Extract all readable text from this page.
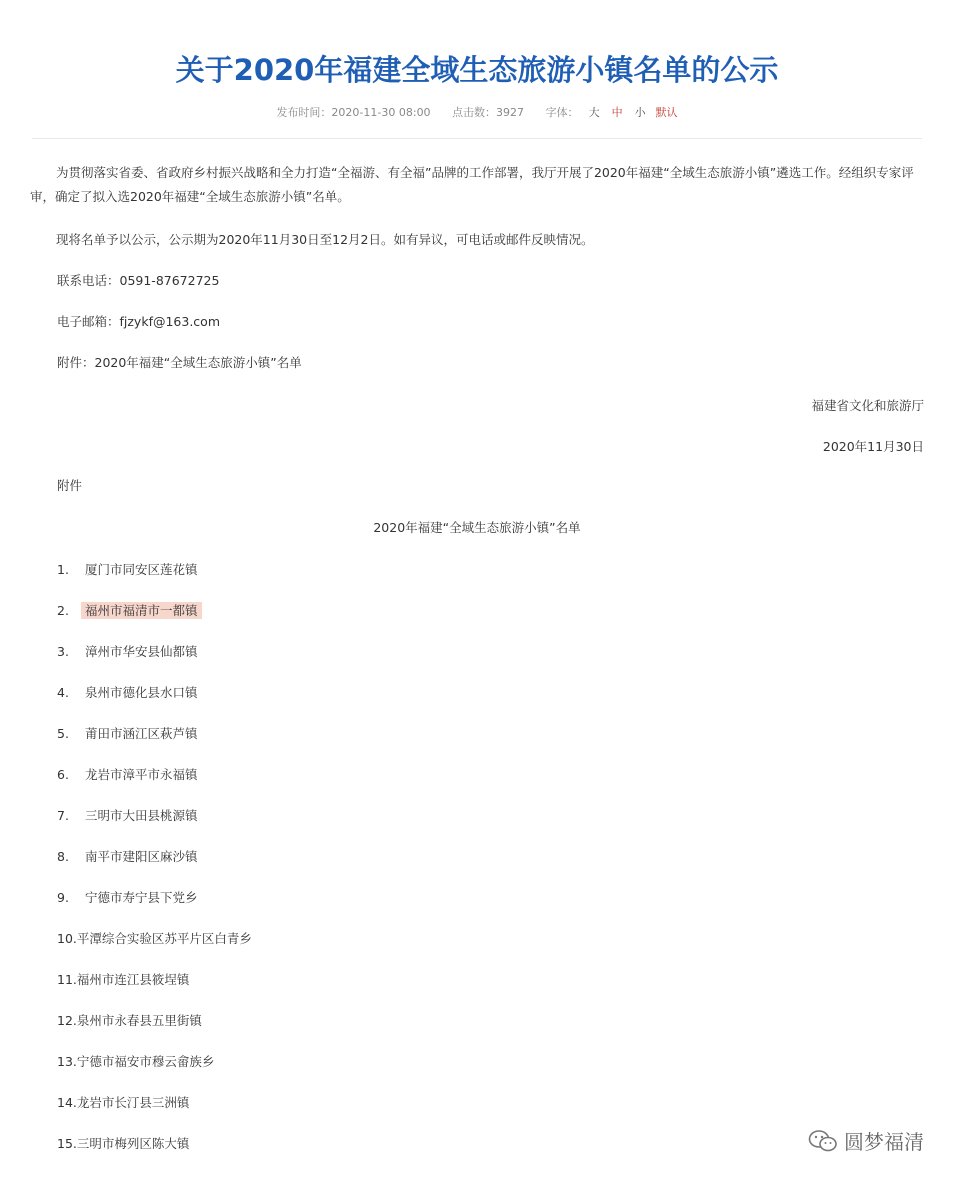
关于2020年福建全域生态旅游小镇名单的公示
发布时间：2020-11-30 08:00 点击数：3927 字体： 大 中 小 默认
为贯彻落实省委、省政府乡村振兴战略和全力打造“全福游、有全福”品牌的工作部署，我厅开展了2020年福建“全域生态旅游小镇”遴选工作。经组织专家评审，确定了拟入选2020年福建“全域生态旅游小镇”名单。
现将名单予以公示，公示期为2020年11月30日至12月2日。如有异议，可电话或邮件反映情况。
联系电话：0591-87672725
电子邮箱：fjzykf@163.com
附件：2020年福建“全域生态旅游小镇”名单
福建省文化和旅游厅
2020年11月30日
附件
2020年福建“全域生态旅游小镇”名单
1. 厦门市同安区莲花镇
2. 福州市福清市一都镇
3. 漳州市华安县仙都镇
4. 泉州市德化县水口镇
5. 莆田市涵江区萩芦镇
6. 龙岩市漳平市永福镇
7. 三明市大田县桃源镇
8. 南平市建阳区麻沙镇
9. 宁德市寿宁县下党乡
10.平潭综合实验区苏平片区白青乡
11.福州市连江县筱埕镇
12.泉州市永春县五里街镇
13.宁德市福安市穆云畲族乡
14.龙岩市长汀县三洲镇
15.三明市梅列区陈大镇	圆梦福清
